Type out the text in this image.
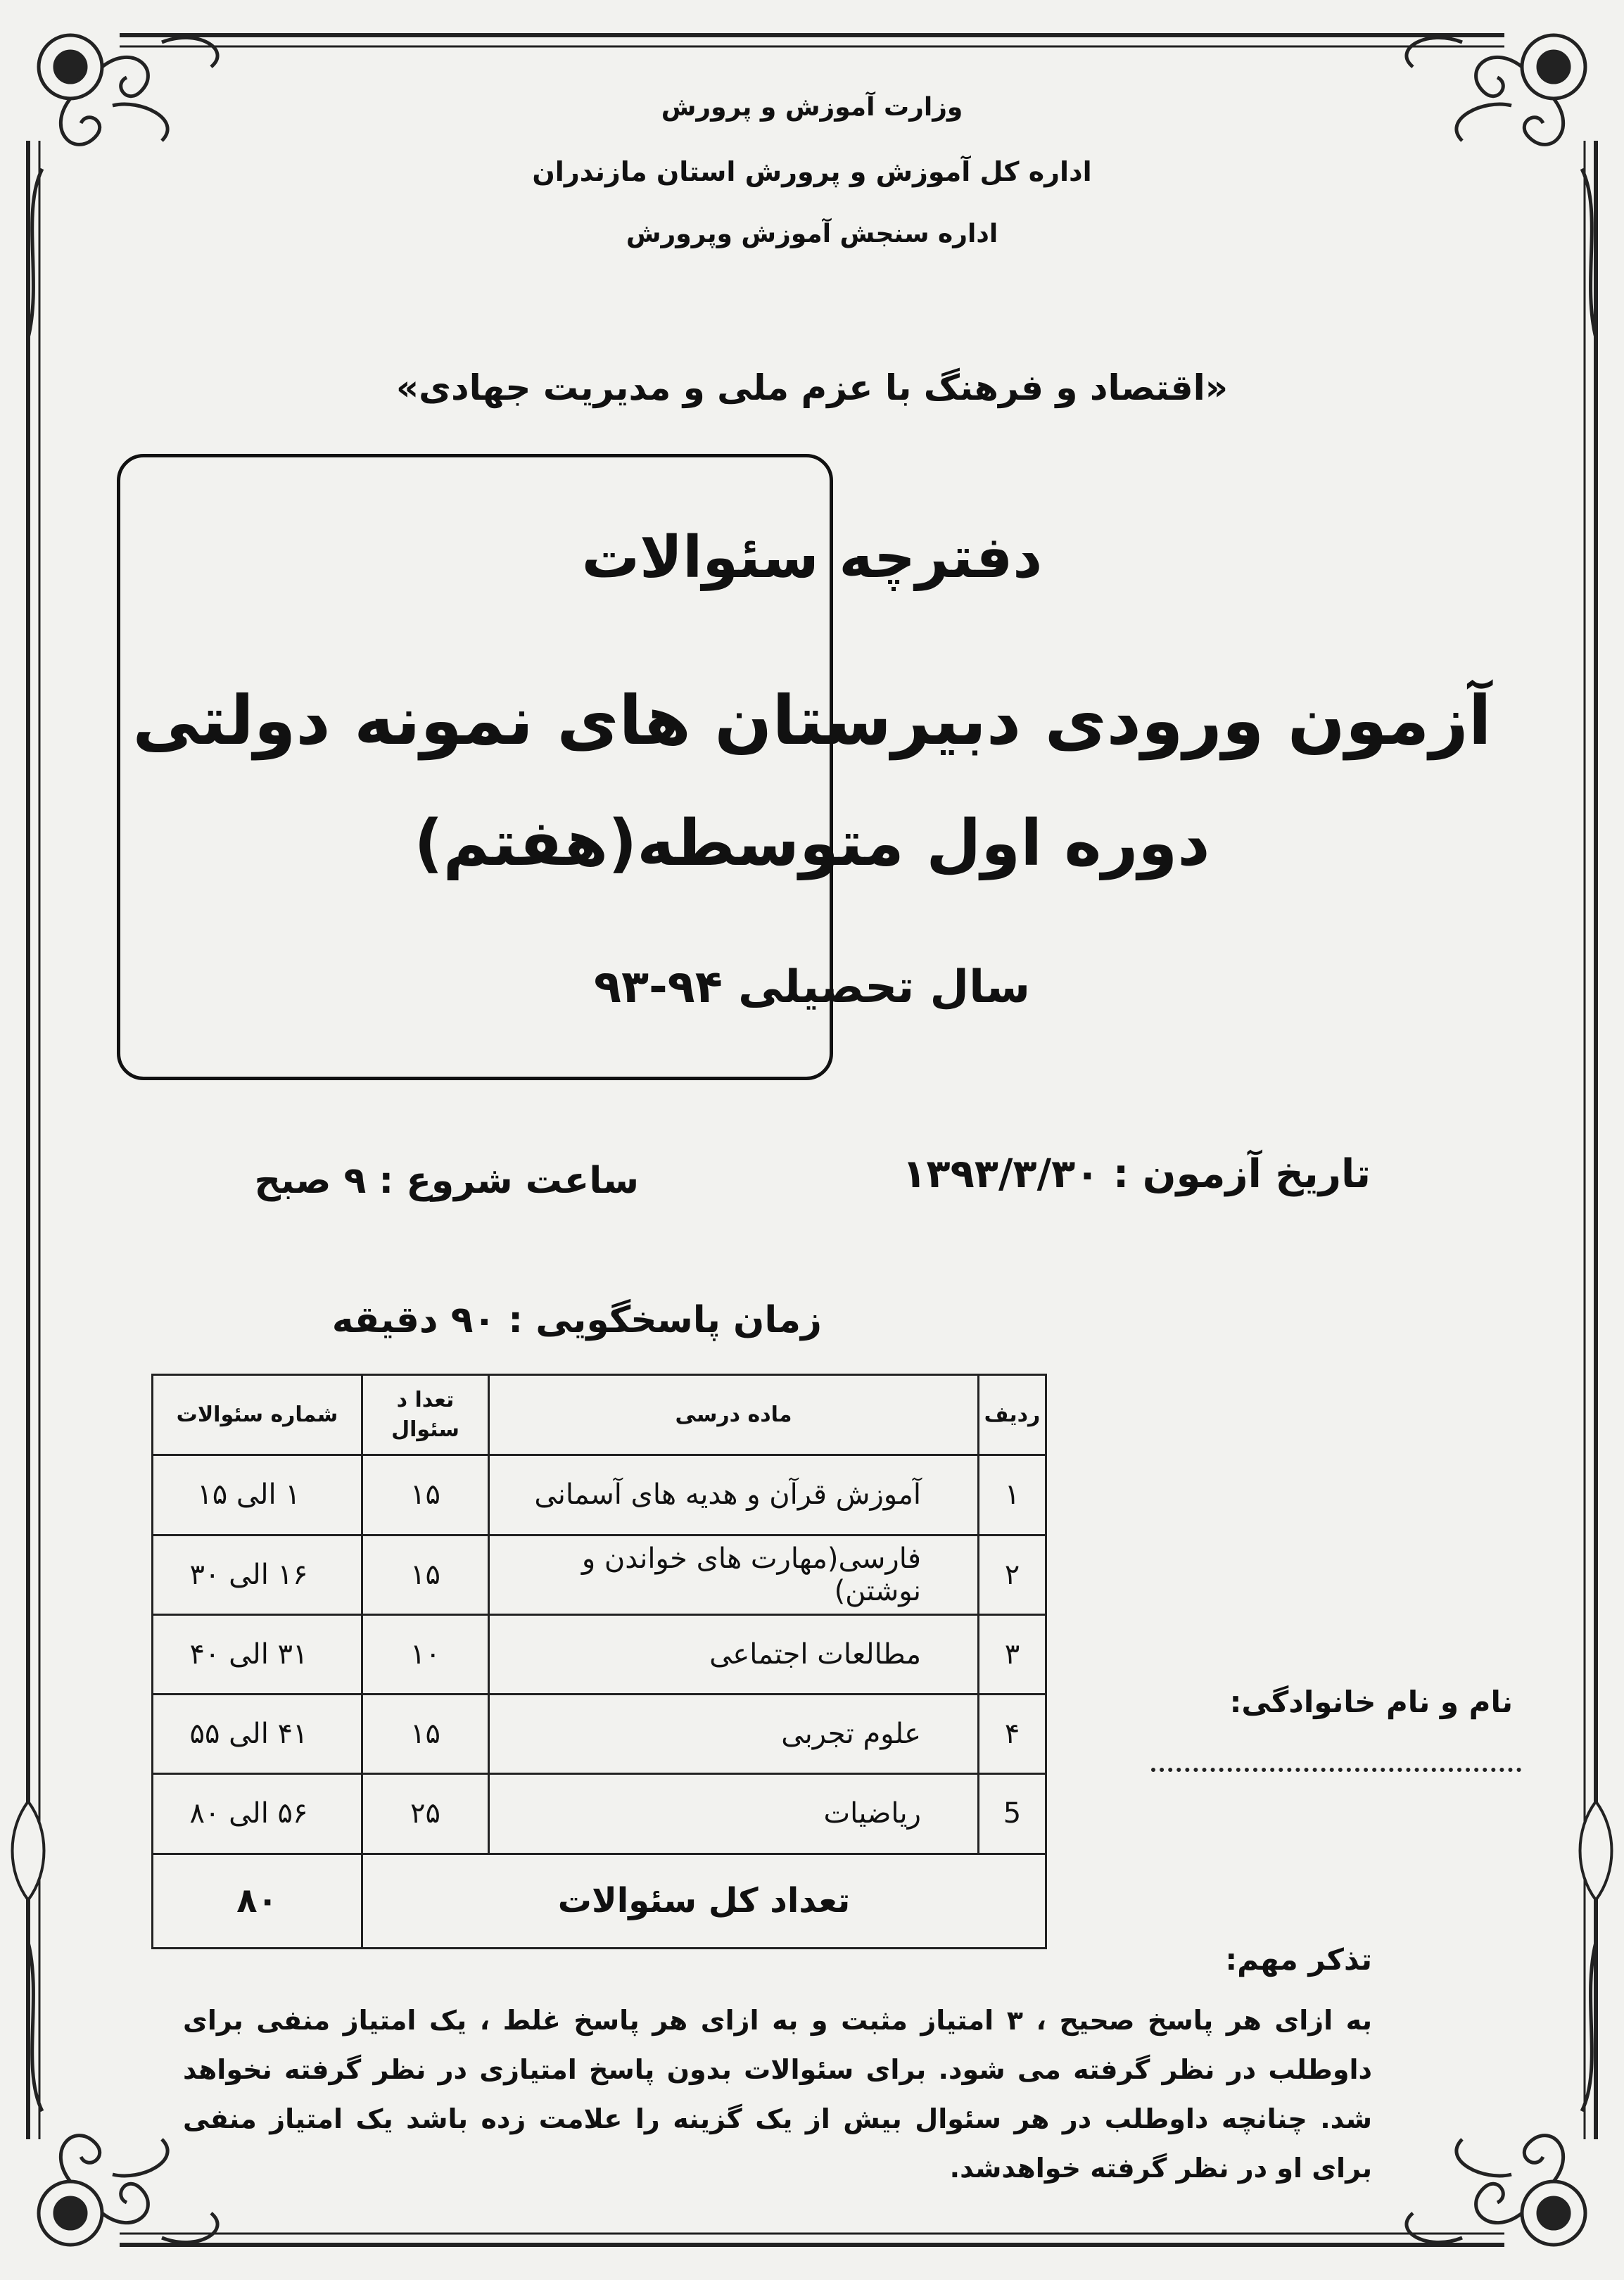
وزارت آموزش و پرورش
اداره کل آموزش و پرورش استان مازندران
اداره سنجش آموزش وپرورش
«اقتصاد و فرهنگ با عزم ملی و مدیریت جهادی»
دفترچه سئوالات
آزمون ورودی دبیرستان های نمونه دولتی
دوره اول متوسطه(هفتم)
سال تحصیلی ۹۴-۹۳
تاریخ آزمون : ۱۳۹۳/۳/۳۰
ساعت شروع : ۹ صبح
زمان پاسخگویی : ۹۰ دقیقه
ردیف	ماده درسی	تعدا د سئوال	شماره سئوالات
۱	آموزش قرآن و هدیه های آسمانی	۱۵	۱ الی ۱۵
۲	فارسی(مهارت های خواندن و نوشتن)	۱۵	۱۶ الی ۳۰
۳	مطالعات اجتماعی	۱۰	۳۱ الی ۴۰
۴	علوم تجربی	۱۵	۴۱ الی ۵۵
5	ریاضیات	۲۵	۵۶ الی ۸۰
تعداد کل سئوالات			۸۰
نام و نام خانوادگی:
تذکر مهم:
به ازای هر پاسخ صحیح ، ۳ امتیاز مثبت و به ازای هر پاسخ غلط ، یک امتیاز منفی برای داوطلب در نظر گرفته می شود. برای سئوالات بدون پاسخ امتیازی در نظر گرفته نخواهد شد. چنانچه داوطلب در هر سئوال بیش از یک گزینه را علامت زده باشد یک امتیاز منفی برای او در نظر گرفته خواهدشد.
